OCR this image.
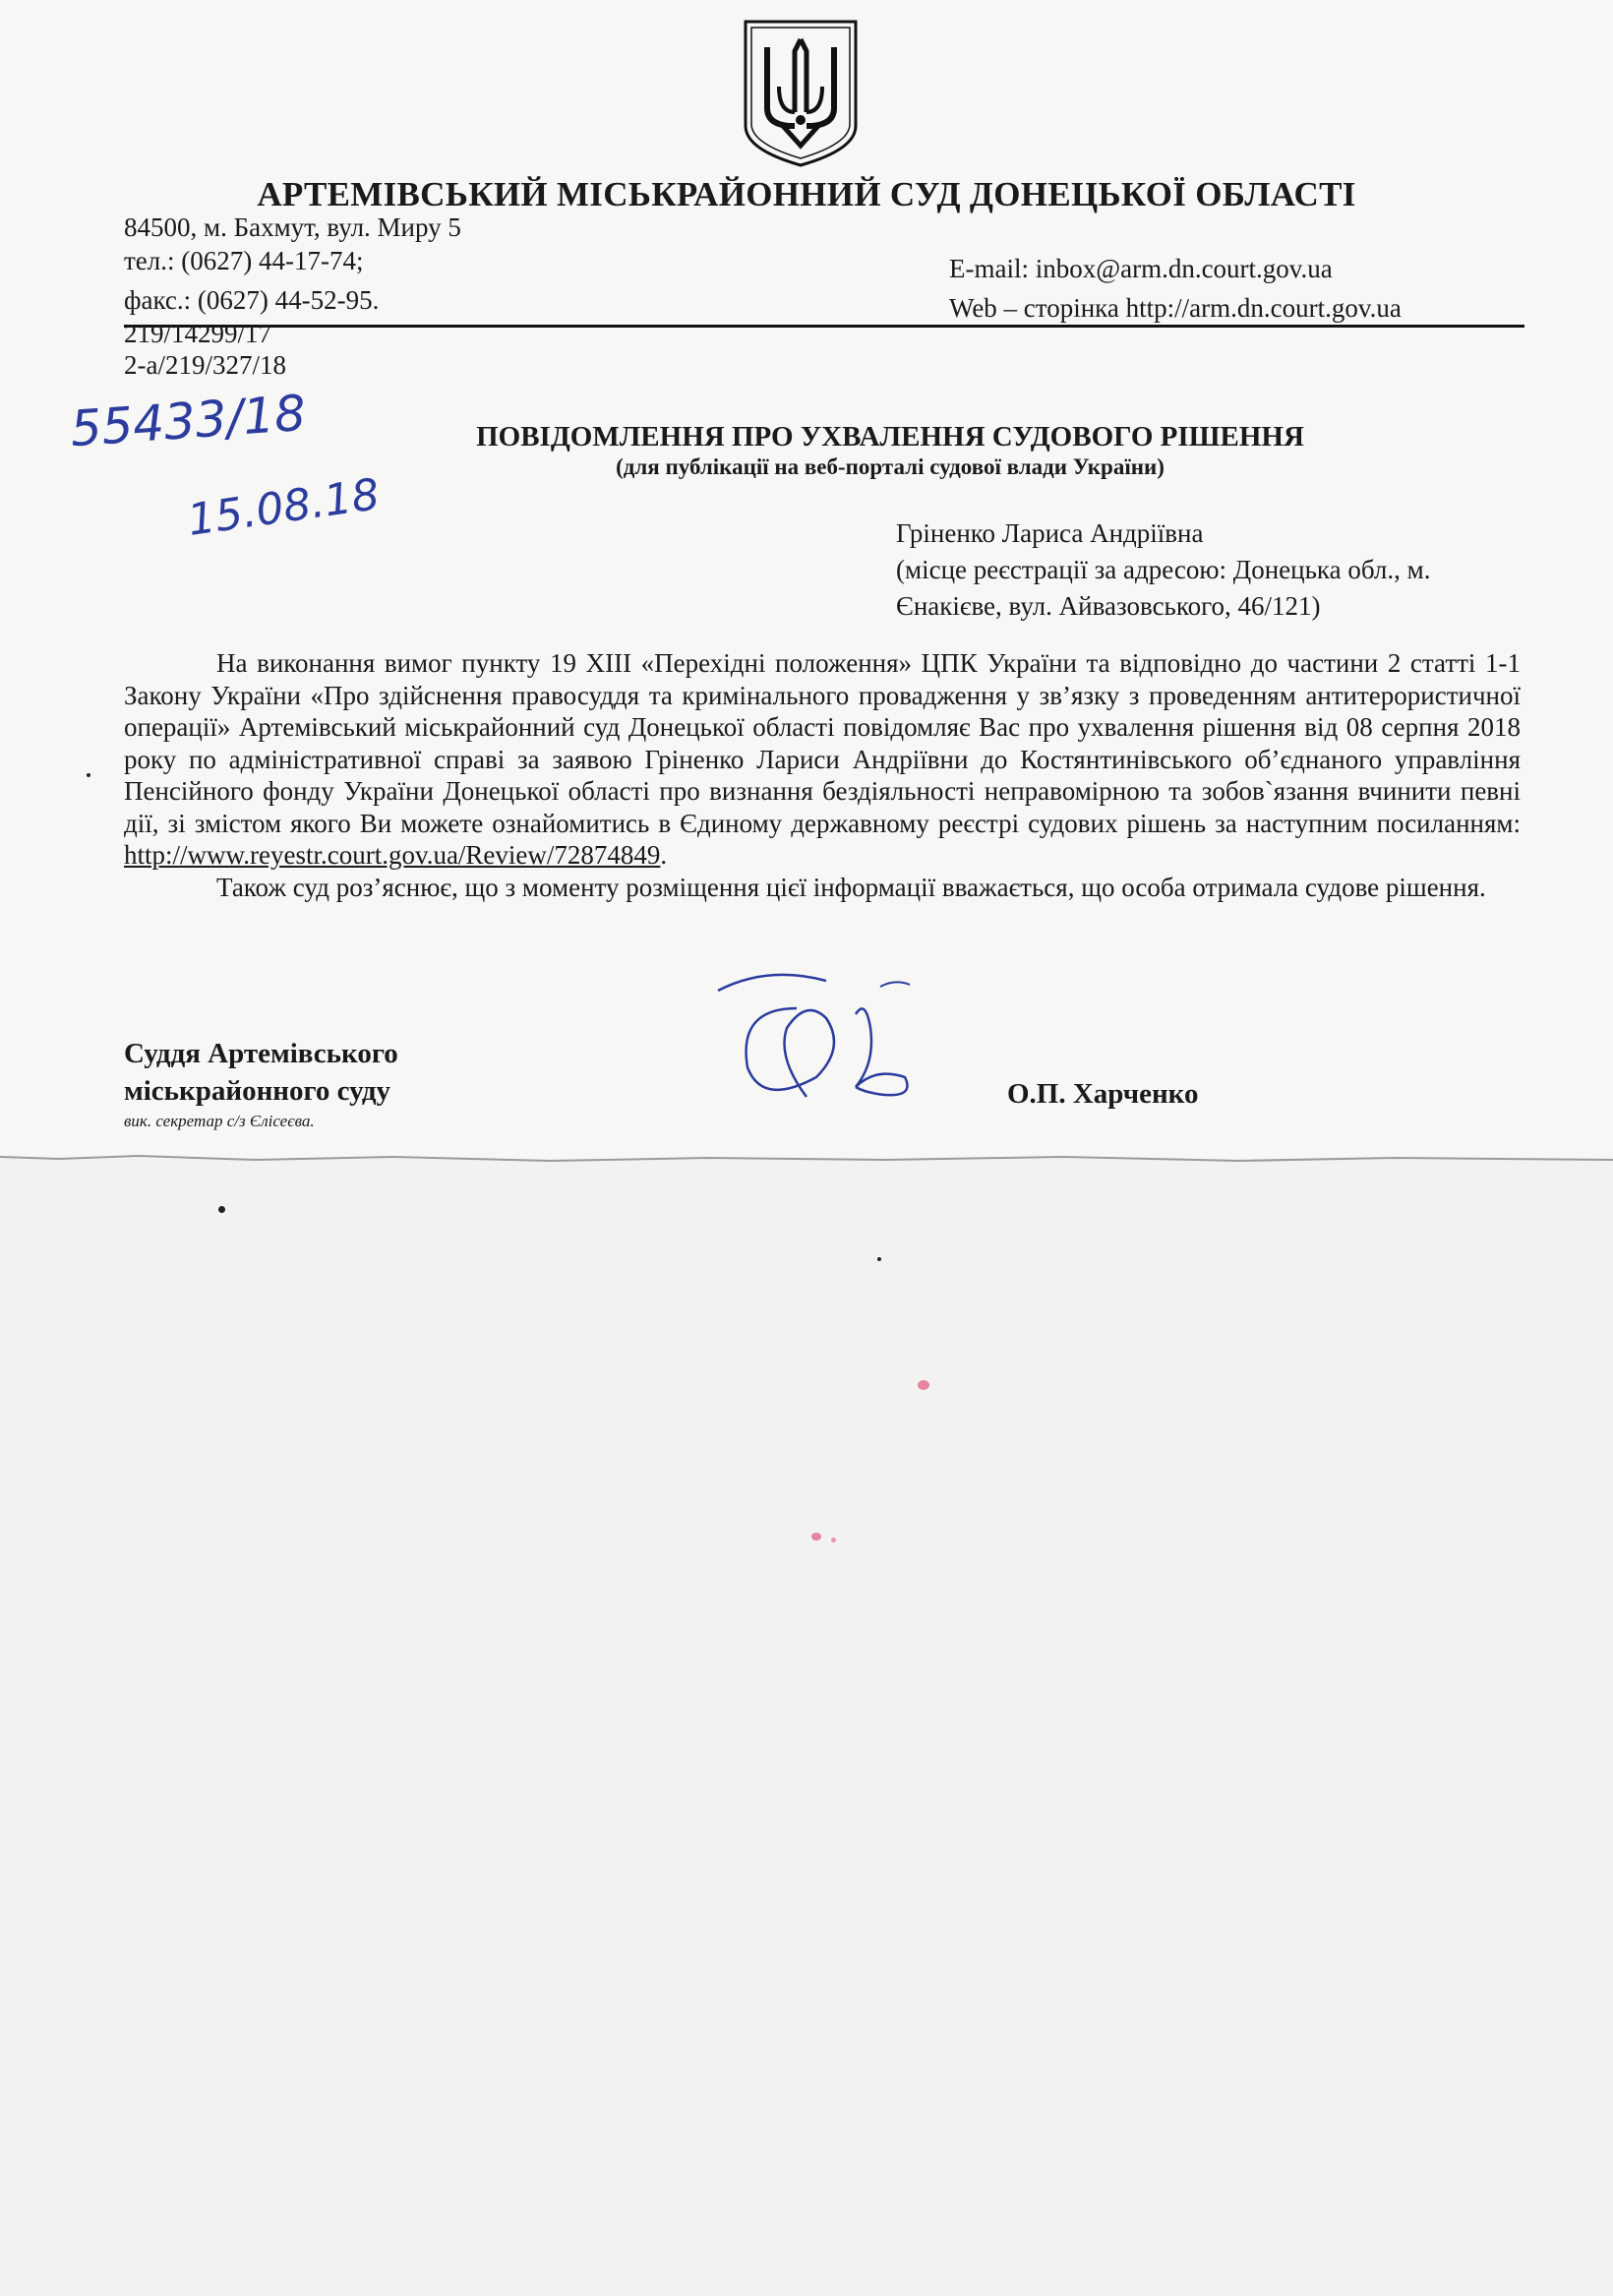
АРТЕМІВСЬКИЙ МІСЬКРАЙОННИЙ СУД ДОНЕЦЬКОЇ ОБЛАСТІ
84500, м. Бахмут, вул. Миру 5
тел.: (0627) 44-17-74;
факс.: (0627) 44-52-95.
E-mail: inbox@arm.dn.court.gov.ua
Web – сторінка http://arm.dn.court.gov.ua
219/14299/17
2-а/219/327/18
55433/18
15.08.18
ПОВІДОМЛЕННЯ ПРО УХВАЛЕННЯ СУДОВОГО РІШЕННЯ
(для публікації на веб-порталі судової влади України)
Гріненко Лариса Андріївна
(місце реєстрації за адресою: Донецька обл., м.
Єнакієве, вул. Айвазовського, 46/121)

На виконання вимог пункту 19 XIII «Перехідні положення» ЦПК України та відповідно до частини 2 статті 1-1 Закону України «Про здійснення правосуддя та кримінального провадження у зв’язку з проведенням антитерористичної операції» Артемівський міськрайонний суд Донецької області повідомляє Вас про ухвалення рішення від 08 серпня 2018 року по адміністративної справі за заявою Гріненко Лариси Андріївни до Костянтинівського об’єднаного управління Пенсійного фонду України Донецької області про визнання бездіяльності неправомірною та зобов`язання вчинити певні дії, зі змістом якого Ви можете ознайомитись в Єдиному державному реєстрі судових рішень за наступним посиланням: http://www.reyestr.court.gov.ua/Review/72874849.

Також суд роз’яснює, що з моменту розміщення цієї інформації вважається, що особа отримала судове рішення.

Суддя Артемівського
міськрайонного суду
вик. секретар с/з Єлісеєва.
О.П. Харченко
